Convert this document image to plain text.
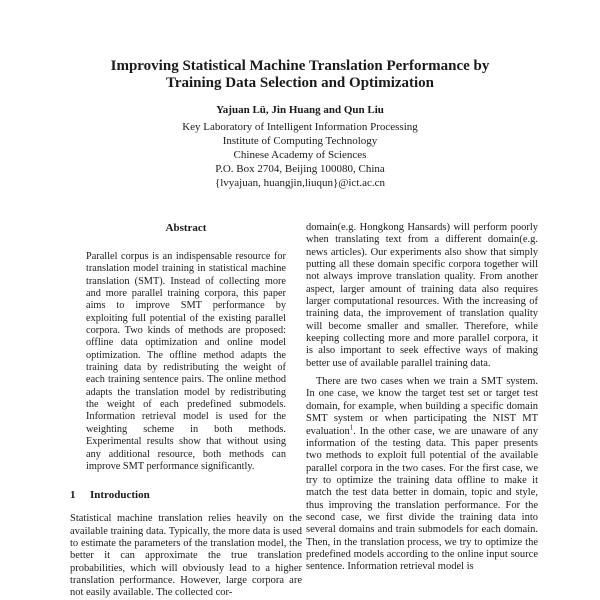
Improving Statistical Machine Translation Performance by
Training Data Selection and Optimization
Yajuan Lü, Jin Huang and Qun Liu
Key Laboratory of Intelligent Information Processing
Institute of Computing Technology
Chinese Academy of Sciences
P.O. Box 2704, Beijing 100080, China
{lvyajuan, huangjin,liuqun}@ict.ac.cn
Abstract
Parallel corpus is an indispensable resource for translation model training in statistical machine translation (SMT). Instead of collecting more and more parallel training corpora, this paper aims to improve SMT performance by exploiting full potential of the existing parallel corpora. Two kinds of methods are proposed: offline data optimization and online model optimization. The offline method adapts the training data by redistributing the weight of each training sentence pairs. The online method adapts the translation model by redistributing the weight of each predefined submodels. Information retrieval model is used for the weighting scheme in both methods. Experimental results show that without using any additional resource, both methods can improve SMT performance significantly.
1 Introduction

Statistical machine translation relies heavily on the available training data. Typically, the more data is used to estimate the parameters of the translation model, the better it can approximate the true translation probabilities, which will obviously lead to a higher translation performance. However, large corpora are not easily available. The collected cor-

domain(e.g. Hongkong Hansards) will perform poorly when translating text from a different domain(e.g. news articles). Our experiments also show that simply putting all these domain specific corpora together will not always improve translation quality. From another aspect, larger amount of training data also requires larger computational resources. With the increasing of training data, the improvement of translation quality will become smaller and smaller. Therefore, while keeping collecting more and more parallel corpora, it is also important to seek effective ways of making better use of available parallel training data.

There are two cases when we train a SMT system. In one case, we know the target test set or target test domain, for example, when building a specific domain SMT system or when participating the NIST MT evaluation$^1$. In the other case, we are unaware of any information of the testing data. This paper presents two methods to exploit full potential of the available parallel corpora in the two cases. For the first case, we try to optimize the training data offline to make it match the test data better in domain, topic and style, thus improving the translation performance. For the second case, we first divide the training data into several domains and train submodels for each domain. Then, in the translation process, we try to optimize the predefined models according to the online input source sentence. Information retrieval model is
